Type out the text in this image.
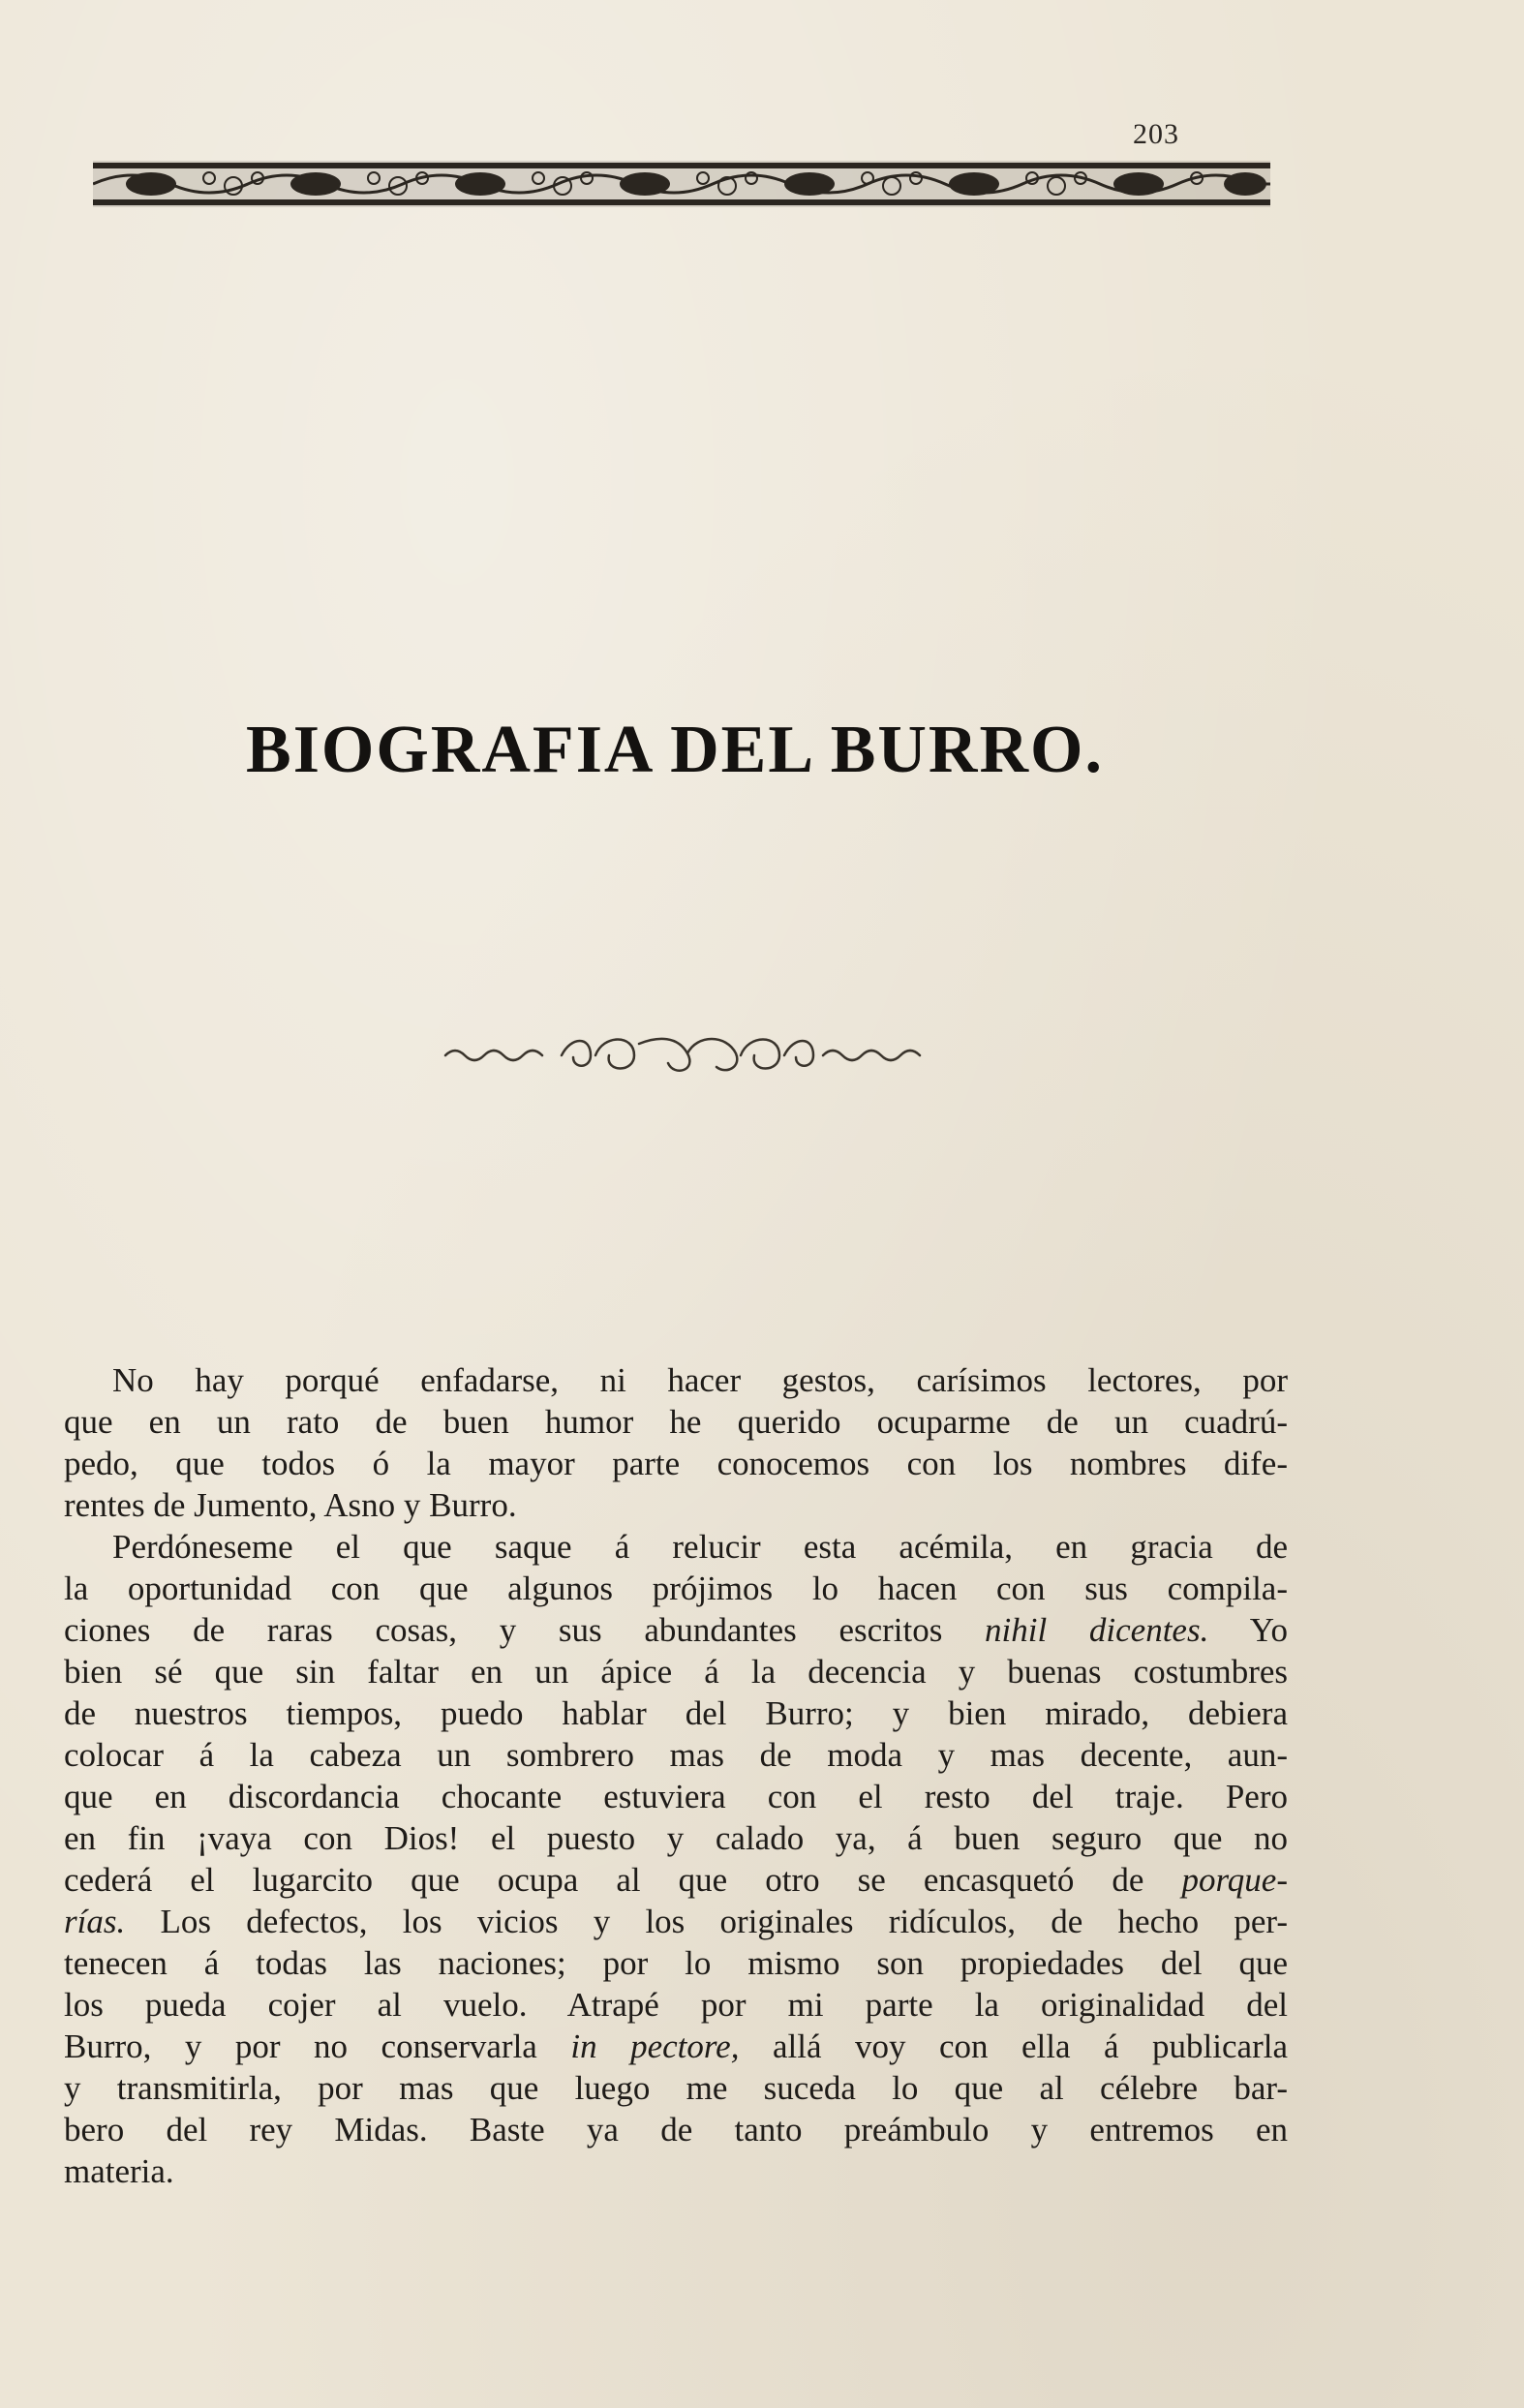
203
BIOGRAFIA DEL BURRO.
No hay porqué enfadarse, ni hacer gestos, carísimos lectores, por
que en un rato de buen humor he querido ocuparme de un cuadrú-
pedo, que todos ó la mayor parte conocemos con los nombres dife-
rentes de Jumento, Asno y Burro.
Perdóneseme el que saque á relucir esta acémila, en gracia de
la oportunidad con que algunos prójimos lo hacen con sus compila-
ciones de raras cosas, y sus abundantes escritos nihil dicentes. Yo
bien sé que sin faltar en un ápice á la decencia y buenas costumbres
de nuestros tiempos, puedo hablar del Burro; y bien mirado, debiera
colocar á la cabeza un sombrero mas de moda y mas decente, aun-
que en discordancia chocante estuviera con el resto del traje. Pero
en fin ¡vaya con Dios! el puesto y calado ya, á buen seguro que no
cederá el lugarcito que ocupa al que otro se encasquetó de porque-
rías. Los defectos, los vicios y los originales ridículos, de hecho per-
tenecen á todas las naciones; por lo mismo son propiedades del que
los pueda cojer al vuelo. Atrapé por mi parte la originalidad del
Burro, y por no conservarla in pectore, allá voy con ella á publicarla
y transmitirla, por mas que luego me suceda lo que al célebre bar-
bero del rey Midas. Baste ya de tanto preámbulo y entremos en
materia.
